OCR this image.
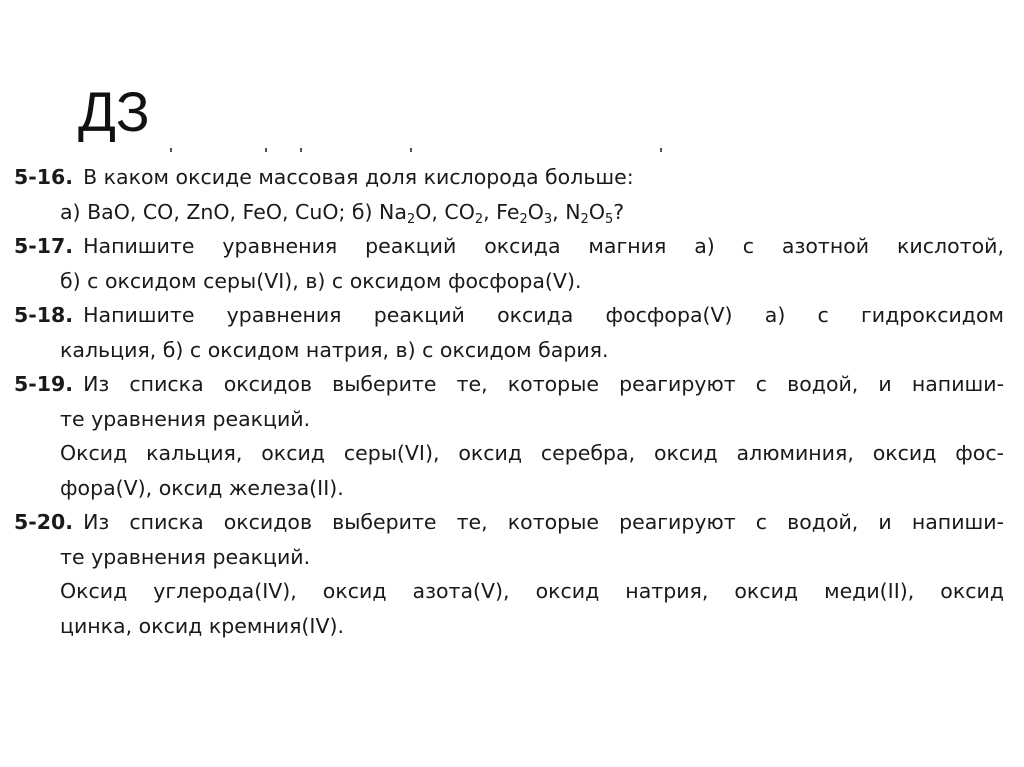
ДЗ
5-16. В каком оксиде массовая доля кислорода больше:
а) BaO, CO, ZnO, FeO, CuO; б) $Na_2O$, $CO_2$, $Fe_2O_3$, $N_2O_5$?
5-17. Напишите уравнения реакций оксида магния а) с азотной кислотой,
б) с оксидом серы(VI), в) с оксидом фосфора(V).
5-18. Напишите уравнения реакций оксида фосфора(V) а) с гидроксидом
кальция, б) с оксидом натрия, в) с оксидом бария.
5-19. Из списка оксидов выберите те, которые реагируют с водой, и напиши-
те уравнения реакций.
Оксид кальция, оксид серы(VI), оксид серебра, оксид алюминия, оксид фос-
фора(V), оксид железа(II).
5-20. Из списка оксидов выберите те, которые реагируют с водой, и напиши-
те уравнения реакций.
Оксид углерода(IV), оксид азота(V), оксид натрия, оксид меди(II), оксид
цинка, оксид кремния(IV).
